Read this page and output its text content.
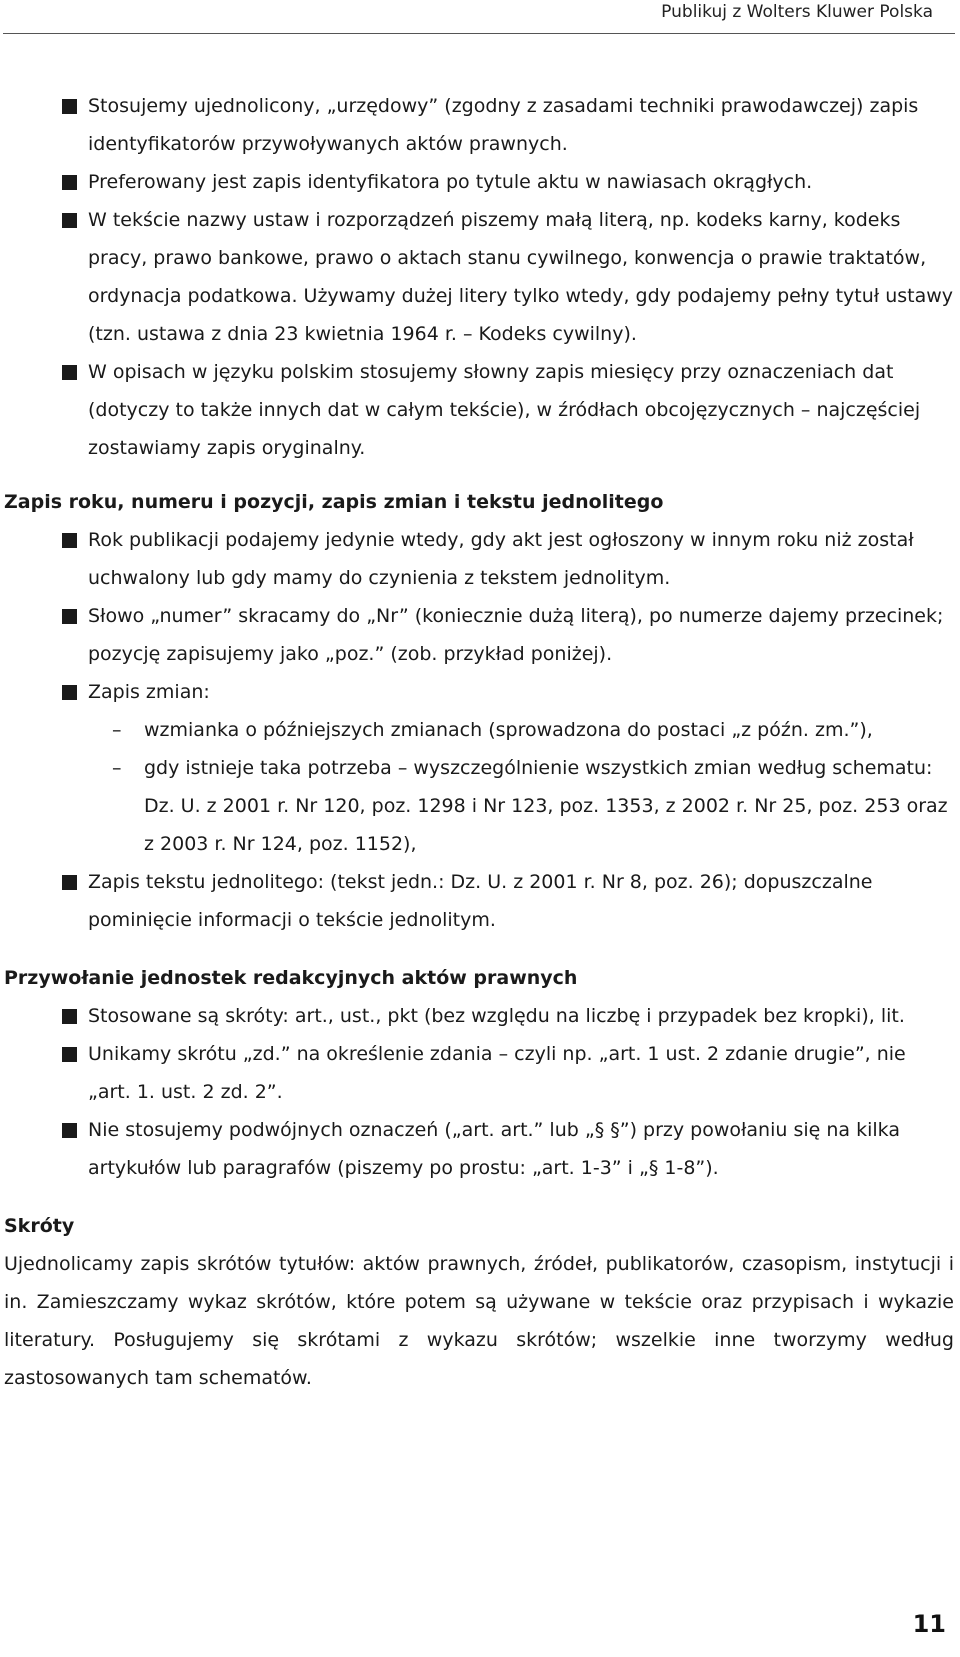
Publikuj z Wolters Kluwer Polska
Stosujemy ujednolicony, „urzędowy” (zgodny z zasadami techniki prawodawczej) zapis identyfikatorów przywoływanych aktów prawnych.
Preferowany jest zapis identyfikatora po tytule aktu w nawiasach okrągłych.
W tekście nazwy ustaw i rozporządzeń piszemy małą literą, np. kodeks karny, kodeks pracy, prawo bankowe, prawo o aktach stanu cywilnego, konwencja o prawie traktatów, ordynacja podatkowa. Używamy dużej litery tylko wtedy, gdy podajemy pełny tytuł ustawy (tzn. ustawa z dnia 23 kwietnia 1964 r. – Kodeks cywilny).
W opisach w języku polskim stosujemy słowny zapis miesięcy przy oznaczeniach dat (dotyczy to także innych dat w całym tekście), w źródłach obcojęzycznych – najczęściej zostawiamy zapis oryginalny.
Zapis roku, numeru i pozycji, zapis zmian i tekstu jednolitego
Rok publikacji podajemy jedynie wtedy, gdy akt jest ogłoszony w innym roku niż został uchwalony lub gdy mamy do czynienia z tekstem jednolitym.
Słowo „numer” skracamy do „Nr” (koniecznie dużą literą), po numerze dajemy przecinek; pozycję zapisujemy jako „poz.” (zob. przykład poniżej).
Zapis zmian:
– wzmianka o późniejszych zmianach (sprowadzona do postaci „z późn. zm.”),
– gdy istnieje taka potrzeba – wyszczególnienie wszystkich zmian według schematu: Dz. U. z 2001 r. Nr 120, poz. 1298 i Nr 123, poz. 1353, z 2002 r. Nr 25, poz. 253 oraz z 2003 r. Nr 124, poz. 1152),
Zapis tekstu jednolitego: (tekst jedn.: Dz. U. z 2001 r. Nr 8, poz. 26); dopuszczalne pominięcie informacji o tekście jednolitym.
Przywołanie jednostek redakcyjnych aktów prawnych
Stosowane są skróty: art., ust., pkt (bez względu na liczbę i przypadek bez kropki), lit.
Unikamy skrótu „zd.” na określenie zdania – czyli np. „art. 1 ust. 2 zdanie drugie”, nie „art. 1. ust. 2 zd. 2”.
Nie stosujemy podwójnych oznaczeń („art. art.” lub „§ §”) przy powołaniu się na kilka artykułów lub paragrafów (piszemy po prostu: „art. 1-3” i „§ 1-8”).
Skróty

Ujednolicamy zapis skrótów tytułów: aktów prawnych, źródeł, publikatorów, czasopism, instytucji i in. Zamieszczamy wykaz skrótów, które potem są używane w tekście oraz przypisach i wykazie literatury. Posługujemy się skrótami z wykazu skrótów; wszelkie inne tworzymy według zastosowanych tam schematów.

11
